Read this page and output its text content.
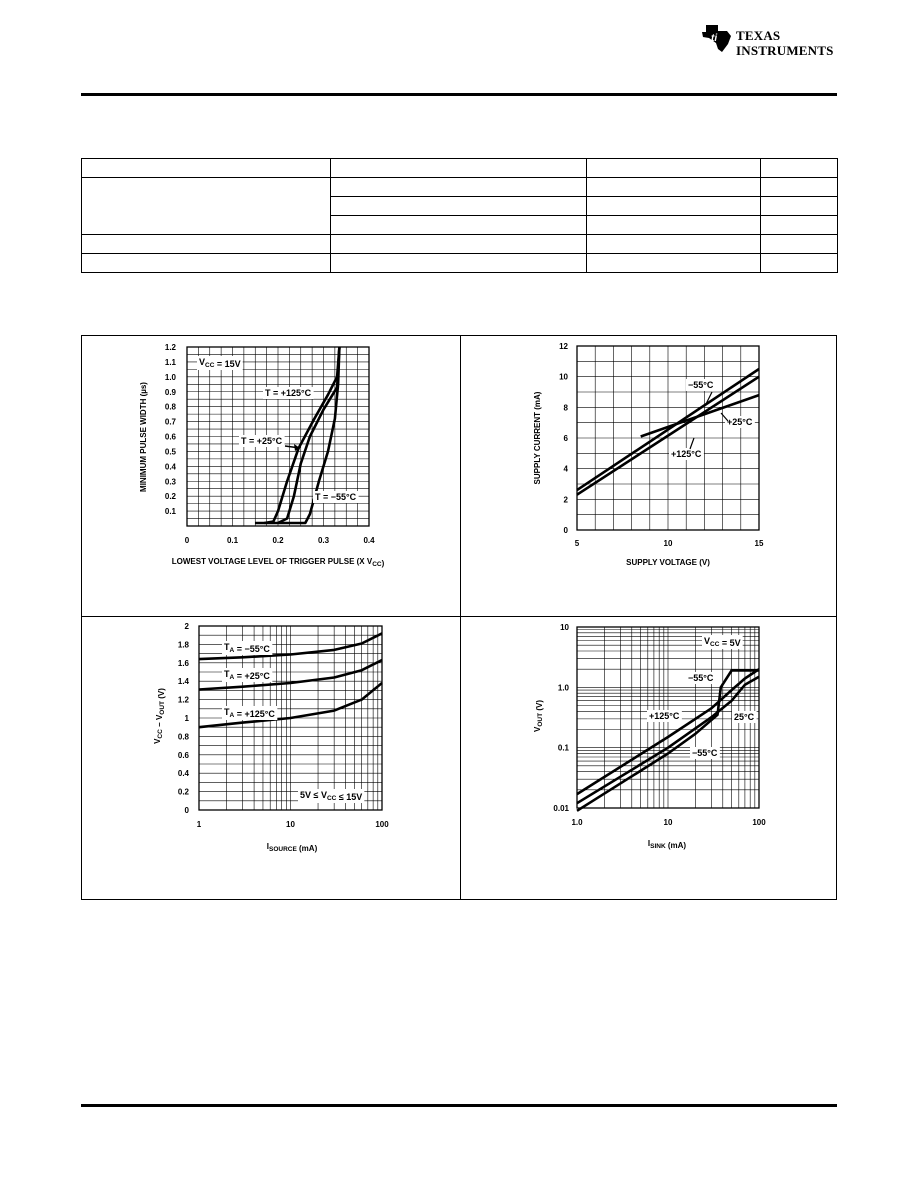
ti TEXAS
INSTRUMENTS

0	0.1	0.2	0.3	0.4
0.1
0.2
0.3
0.4
0.5
0.6
0.7
0.8
0.9
1.0
1.1
1.2
LOWEST VOLTAGE LEVEL OF TRIGGER PULSE (X $V_{CC}$)
MINIMUM PULSE WIDTH (µs)
$V_{CC} = 15V$
T = +125°C
T = +25°C
T = −55°C
5	10	15
0
2
4
6
8
10
12
SUPPLY VOLTAGE (V)
SUPPLY CURRENT (mA)
−55°C
+25°C
+125°C
1	10	100
0
0.2
0.4
0.6
0.8
1
1.2
1.4
1.6
1.8
2
$I_{SOURCE}$ (mA)
$V_{CC} - V_{OUT}$ (V)
$T_A = -55^\circ C$
$T_A = +25^\circ C$
$T_A = +125^\circ C$
$5V \le V_{CC} \le 15V$
1.0	10	100
0.01
0.1
1.0
10
$I_{SINK}$ (mA)
$V_{OUT}$ (V)
$V_{CC} = 5V$
−55°C
+125°C	25°C
−55°C
